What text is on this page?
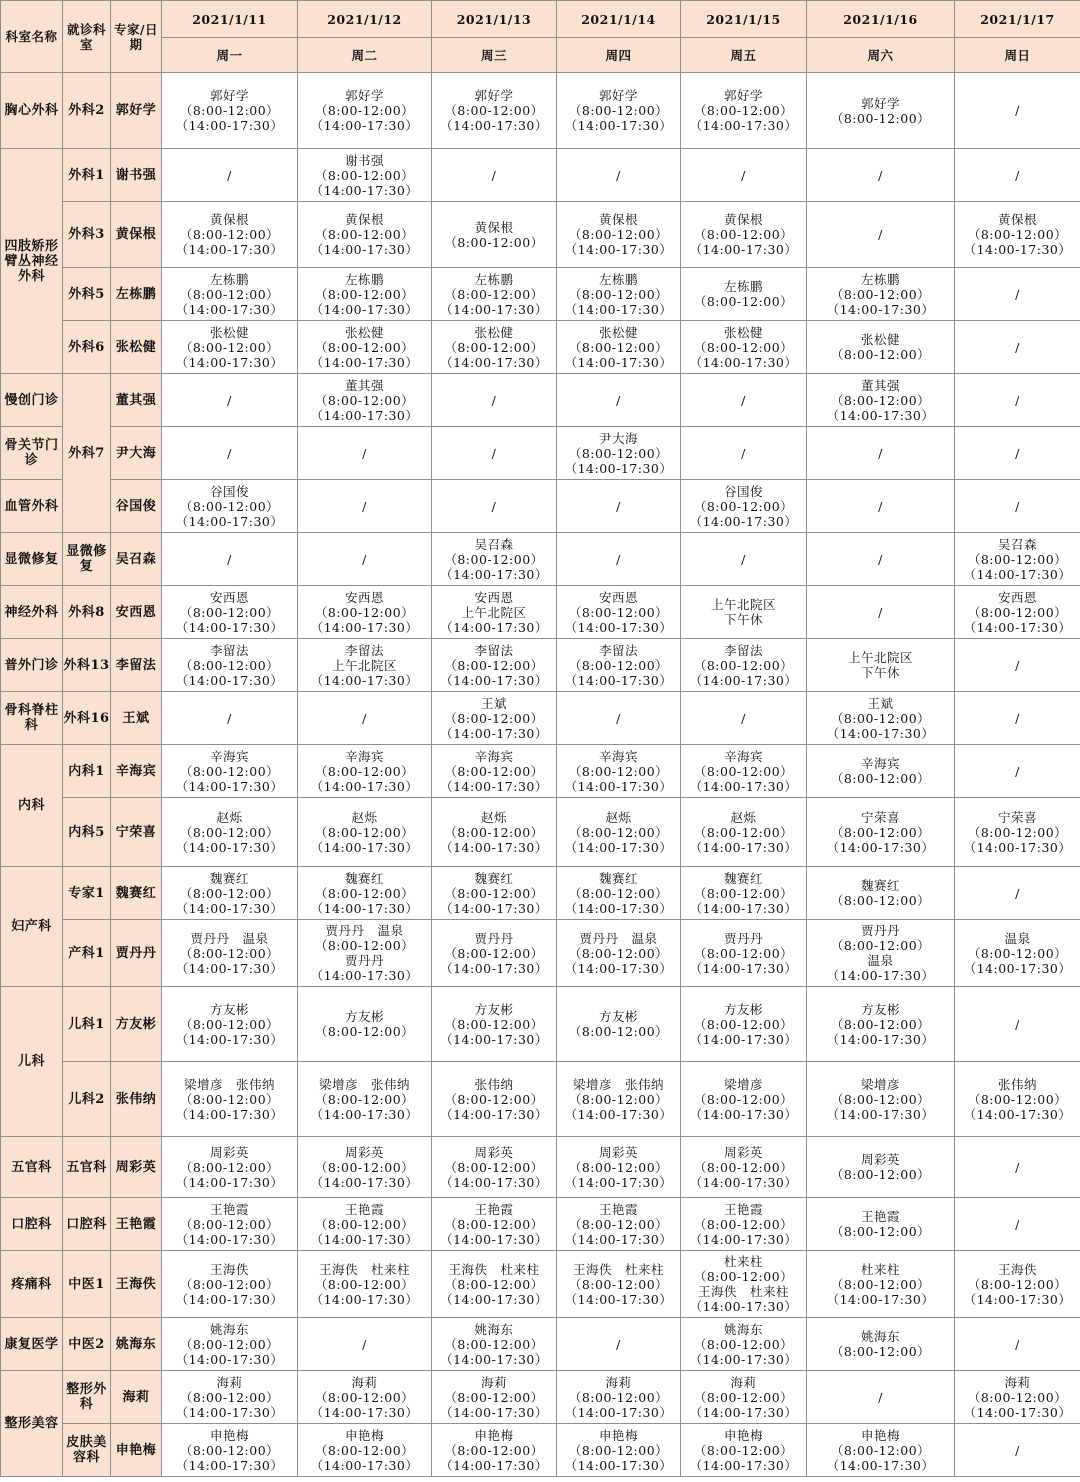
科室名称	就诊科室	专家/日期	2021/1/11	2021/1/12	2021/1/13	2021/1/14	2021/1/15	2021/1/16	2021/1/17
			周一	周二	周三	周四	周五	周六	周日
胸心外科	外科2	郭好学	郭好学
（8:00-12:00）
（14:00-17:30）	郭好学
（8:00-12:00）
（14:00-17:30）	郭好学
（8:00-12:00）
（14:00-17:30）	郭好学
（8:00-12:00）
（14:00-17:30）	郭好学
（8:00-12:00）
（14:00-17:30）	郭好学
（8:00-12:00）	/

四肢矫形臂丛神经外科	外科1	谢书强	/	谢书强
（8:00-12:00）
（14:00-17:30）	/	/	/	/	/

	外科3	黄保根	黄保根
（8:00-12:00）
（14:00-17:30）	黄保根
（8:00-12:00）
（14:00-17:30）	黄保根
（8:00-12:00）	黄保根
（8:00-12:00）
（14:00-17:30）	黄保根
（8:00-12:00）
（14:00-17:30）	/	黄保根
（8:00-12:00）
（14:00-17:30）

	外科5	左栋鹏	左栋鹏
（8:00-12:00）
（14:00-17:30）	左栋鹏
（8:00-12:00）
（14:00-17:30）	左栋鹏
（8:00-12:00）
（14:00-17:30）	左栋鹏
（8:00-12:00）
（14:00-17:30）	左栋鹏
（8:00-12:00）	左栋鹏
（8:00-12:00）
（14:00-17:30）	/

	外科6	张松健	张松健
（8:00-12:00）
（14:00-17:30）	张松健
（8:00-12:00）
（14:00-17:30）	张松健
（8:00-12:00）
（14:00-17:30）	张松健
（8:00-12:00）
（14:00-17:30）	张松健
（8:00-12:00）
（14:00-17:30）	张松健
（8:00-12:00）	/

慢创门诊	外科7	董其强	/	董其强
（8:00-12:00）
（14:00-17:30）	/	/	/	董其强
（8:00-12:00）
（14:00-17:30）	/

骨关节门诊		尹大海	/	/	/	尹大海
（8:00-12:00）
（14:00-17:30）	/	/	/

血管外科		谷国俊	谷国俊
（8:00-12:00）
（14:00-17:30）	/	/	/	谷国俊
（8:00-12:00）
（14:00-17:30）	/	/

显微修复	显微修复	吴召森	/	/	吴召森
（8:00-12:00）
（14:00-17:30）	/	/	/	吴召森
（8:00-12:00）
（14:00-17:30）

神经外科	外科8	安西恩	安西恩
（8:00-12:00）
（14:00-17:30）	安西恩
（8:00-12:00）
（14:00-17:30）	安西恩
上午北院区
（14:00-17:30）	安西恩
（8:00-12:00）
（14:00-17:30）	上午北院区
下午休	/	安西恩
（8:00-12:00）
（14:00-17:30）

普外门诊	外科13	李留法	李留法
（8:00-12:00）
（14:00-17:30）	李留法
上午北院区
（14:00-17:30）	李留法
（8:00-12:00）
（14:00-17:30）	李留法
（8:00-12:00）
（14:00-17:30）	李留法
（8:00-12:00）
（14:00-17:30）	上午北院区
下午休	/

骨科脊柱科	外科16	王斌	/	/	王斌
（8:00-12:00）
（14:00-17:30）	/	/	王斌
（8:00-12:00）
（14:00-17:30）	/

内科	内科1	辛海宾	辛海宾
（8:00-12:00）
（14:00-17:30）	辛海宾
（8:00-12:00）
（14:00-17:30）	辛海宾
（8:00-12:00）
（14:00-17:30）	辛海宾
（8:00-12:00）
（14:00-17:30）	辛海宾
（8:00-12:00）
（14:00-17:30）	辛海宾
（8:00-12:00）	/

	内科5	宁荣喜	赵烁
（8:00-12:00）
（14:00-17:30）	赵烁
（8:00-12:00）
（14:00-17:30）	赵烁
（8:00-12:00）
（14:00-17:30）	赵烁
（8:00-12:00）
（14:00-17:30）	赵烁
（8:00-12:00）
（14:00-17:30）	宁荣喜
（8:00-12:00）
（14:00-17:30）	宁荣喜
（8:00-12:00）
（14:00-17:30）

妇产科	专家1	魏赛红	魏赛红
（8:00-12:00）
（14:00-17:30）	魏赛红
（8:00-12:00）
（14:00-17:30）	魏赛红
（8:00-12:00）
（14:00-17:30）	魏赛红
（8:00-12:00）
（14:00-17:30）	魏赛红
（8:00-12:00）
（14:00-17:30）	魏赛红
（8:00-12:00）	/

	产科1	贾丹丹	贾丹丹　温泉
（8:00-12:00）
（14:00-17:30）	贾丹丹　温泉
（8:00-12:00）
贾丹丹
（14:00-17:30）	贾丹丹
（8:00-12:00）
（14:00-17:30）	贾丹丹　温泉
（8:00-12:00）
（14:00-17:30）	贾丹丹
（8:00-12:00）
（14:00-17:30）	贾丹丹
（8:00-12:00）
温泉
（14:00-17:30）	温泉
（8:00-12:00）
（14:00-17:30）

儿科	儿科1	方友彬	方友彬
（8:00-12:00）
（14:00-17:30）	方友彬
（8:00-12:00）	方友彬
（8:00-12:00）
（14:00-17:30）	方友彬
（8:00-12:00）	方友彬
（8:00-12:00）
（14:00-17:30）	方友彬
（8:00-12:00）
（14:00-17:30）	/

	儿科2	张伟纳	梁增彦　张伟纳
（8:00-12:00）
（14:00-17:30）	梁增彦　张伟纳
（8:00-12:00）
（14:00-17:30）	张伟纳
（8:00-12:00）
（14:00-17:30）	梁增彦　张伟纳
（8:00-12:00）
（14:00-17:30）	梁增彦
（8:00-12:00）
（14:00-17:30）	梁增彦
（8:00-12:00）
（14:00-17:30）	张伟纳
（8:00-12:00）
（14:00-17:30）

五官科	五官科	周彩英	周彩英
（8:00-12:00）
（14:00-17:30）	周彩英
（8:00-12:00）
（14:00-17:30）	周彩英
（8:00-12:00）
（14:00-17:30）	周彩英
（8:00-12:00）
（14:00-17:30）	周彩英
（8:00-12:00）
（14:00-17:30）	周彩英
（8:00-12:00）	/

口腔科	口腔科	王艳霞	王艳霞
（8:00-12:00）
（14:00-17:30）	王艳霞
（8:00-12:00）
（14:00-17:30）	王艳霞
（8:00-12:00）
（14:00-17:30）	王艳霞
（8:00-12:00）
（14:00-17:30）	王艳霞
（8:00-12:00）
（14:00-17:30）	王艳霞
（8:00-12:00）	/

疼痛科	中医1	王海佚	王海佚
（8:00-12:00）
（14:00-17:30）	王海佚　杜来柱
（8:00-12:00）
（14:00-17:30）	王海佚　杜来柱
（8:00-12:00）
（14:00-17:30）	王海佚　杜来柱
（8:00-12:00）
（14:00-17:30）	杜来柱
（8:00-12:00）
王海佚　杜来柱
（14:00-17:30）	杜来柱
（8:00-12:00）
（14:00-17:30）	王海佚
（8:00-12:00）
（14:00-17:30）

康复医学	中医2	姚海东	姚海东
（8:00-12:00）
（14:00-17:30）	/	姚海东
（8:00-12:00）
（14:00-17:30）	/	姚海东
（8:00-12:00）
（14:00-17:30）	姚海东
（8:00-12:00）	/

整形美容	整形外科	海莉	海莉
（8:00-12:00）
（14:00-17:30）	海莉
（8:00-12:00）
（14:00-17:30）	海莉
（8:00-12:00）
（14:00-17:30）	海莉
（8:00-12:00）
（14:00-17:30）	海莉
（8:00-12:00）
（14:00-17:30）	/	海莉
（8:00-12:00）
（14:00-17:30）

	皮肤美容科	申艳梅	申艳梅
（8:00-12:00）
（14:00-17:30）	申艳梅
（8:00-12:00）
（14:00-17:30）	申艳梅
（8:00-12:00）
（14:00-17:30）	申艳梅
（8:00-12:00）
（14:00-17:30）	申艳梅
（8:00-12:00）
（14:00-17:30）	申艳梅
（8:00-12:00）
（14:00-17:30）	/
